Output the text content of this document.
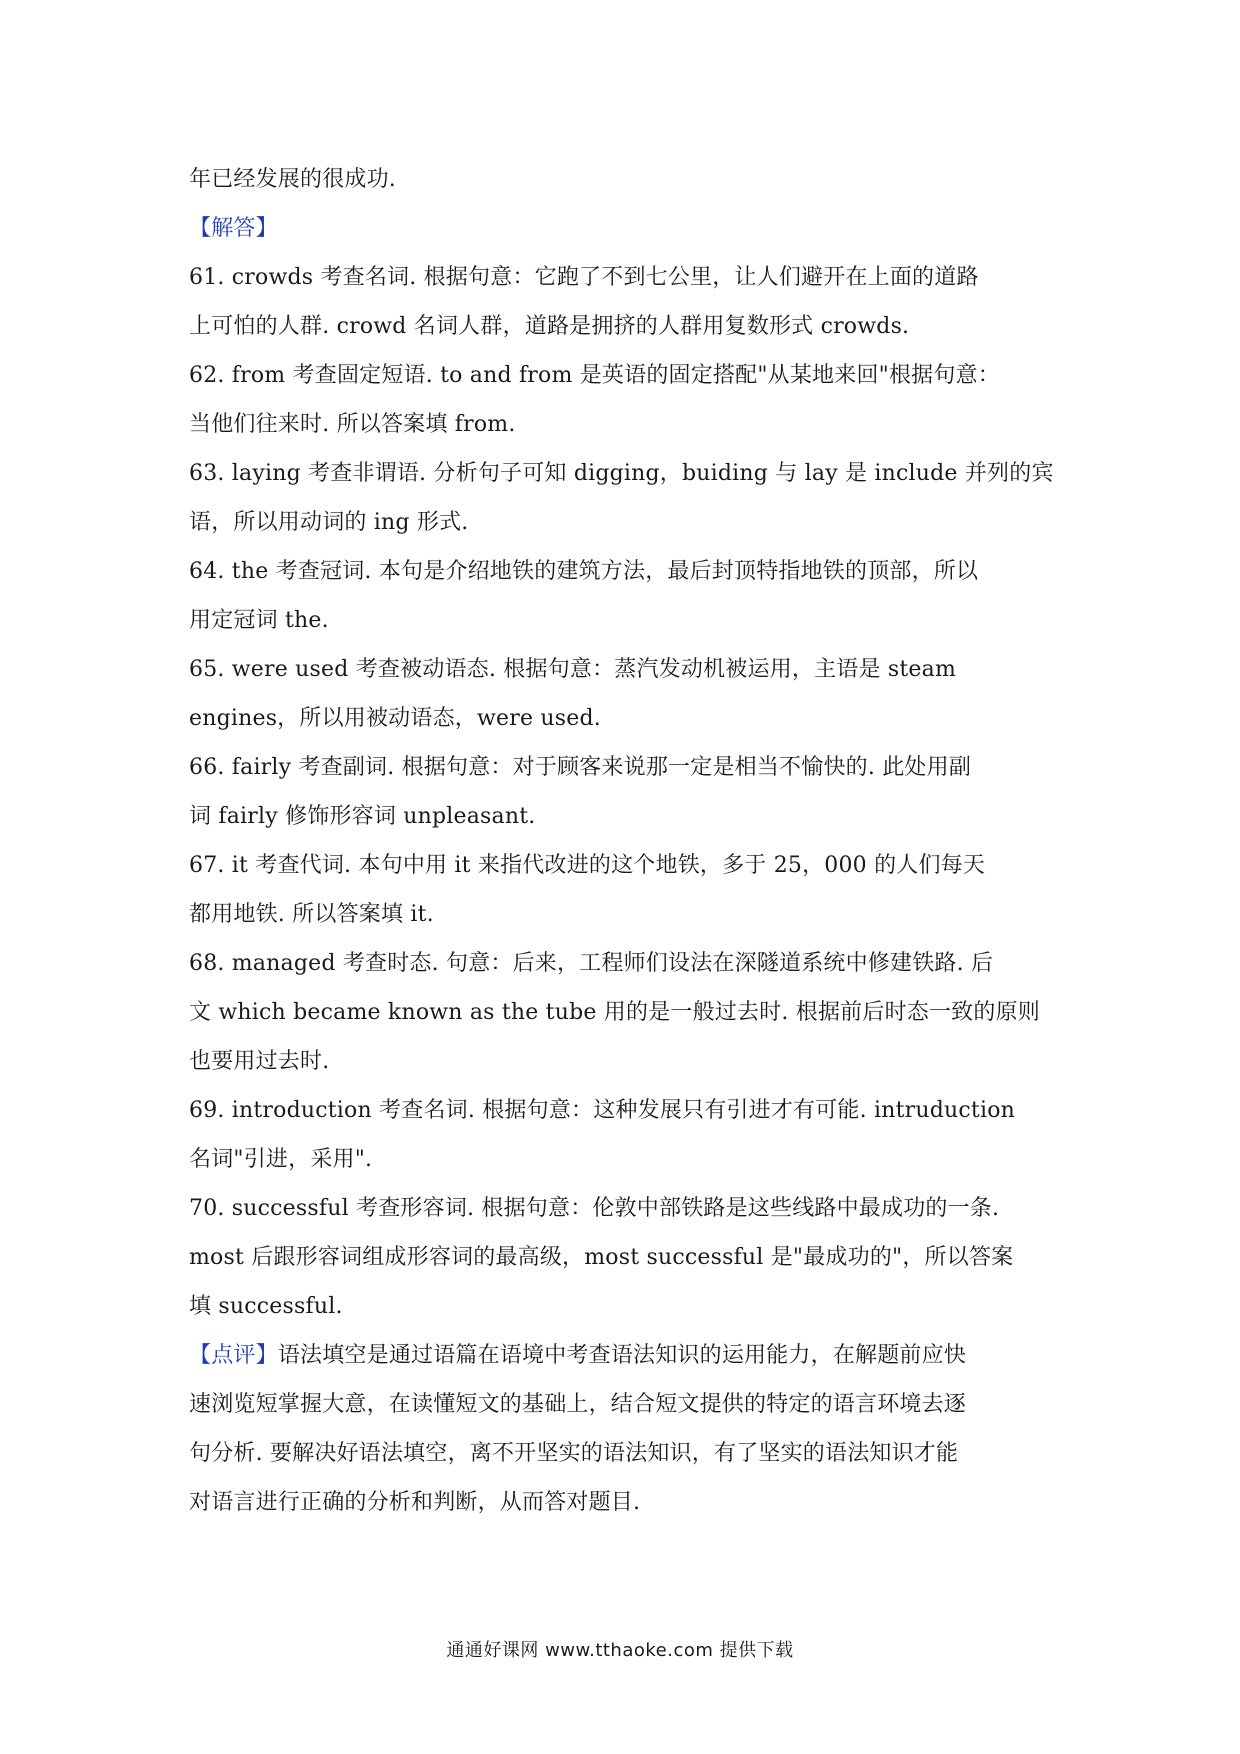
年已经发展的很成功.
【解答】
61. crowds 考查名词. 根据句意：它跑了不到七公里，让人们避开在上面的道路
上可怕的人群. crowd 名词人群，道路是拥挤的人群用复数形式 crowds.
62. from 考查固定短语. to and from 是英语的固定搭配"从某地来回"根据句意：
当他们往来时. 所以答案填 from.
63. laying 考查非谓语. 分析句子可知 digging，buiding 与 lay 是 include 并列的宾
语，所以用动词的 ing 形式.
64. the 考查冠词. 本句是介绍地铁的建筑方法，最后封顶特指地铁的顶部，所以
用定冠词 the.
65. were used 考查被动语态. 根据句意：蒸汽发动机被运用，主语是 steam
engines，所以用被动语态，were used.
66. fairly 考查副词. 根据句意：对于顾客来说那一定是相当不愉快的. 此处用副
词 fairly 修饰形容词 unpleasant.
67. it 考查代词. 本句中用 it 来指代改进的这个地铁，多于 25，000 的人们每天
都用地铁. 所以答案填 it.
68. managed 考查时态. 句意：后来，工程师们设法在深隧道系统中修建铁路. 后
文 which became known as the tube 用的是一般过去时. 根据前后时态一致的原则
也要用过去时.
69. introduction 考查名词. 根据句意：这种发展只有引进才有可能. intruduction
名词"引进，采用".
70. successful 考查形容词. 根据句意：伦敦中部铁路是这些线路中最成功的一条.
most 后跟形容词组成形容词的最高级，most successful 是"最成功的"，所以答案
填 successful.
【点评】语法填空是通过语篇在语境中考查语法知识的运用能力，在解题前应快
速浏览短掌握大意，在读懂短文的基础上，结合短文提供的特定的语言环境去逐
句分析. 要解决好语法填空，离不开坚实的语法知识，有了坚实的语法知识才能
对语言进行正确的分析和判断，从而答对题目.
通通好课网 www.tthaoke.com 提供下载
